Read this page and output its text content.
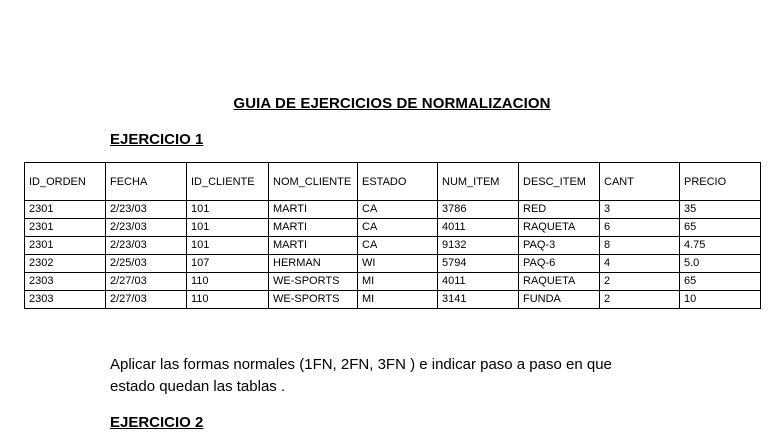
GUIA DE EJERCICIOS DE NORMALIZACION
EJERCICIO 1
ID_ORDEN	FECHA	ID_CLIENTE	NOM_CLIENTE	ESTADO	NUM_ITEM	DESC_ITEM	CANT	PRECIO
2301	2/23/03	101	MARTI	CA	3786	RED	3	35
2301	2/23/03	101	MARTI	CA	4011	RAQUETA	6	65
2301	2/23/03	101	MARTI	CA	9132	PAQ-3	8	4.75
2302	2/25/03	107	HERMAN	WI	5794	PAQ-6	4	5.0
2303	2/27/03	110	WE-SPORTS	MI	4011	RAQUETA	2	65
2303	2/27/03	110	WE-SPORTS	MI	3141	FUNDA	2	10
Aplicar las formas normales (1FN, 2FN, 3FN ) e indicar paso a paso en que
estado quedan las tablas .
EJERCICIO 2
